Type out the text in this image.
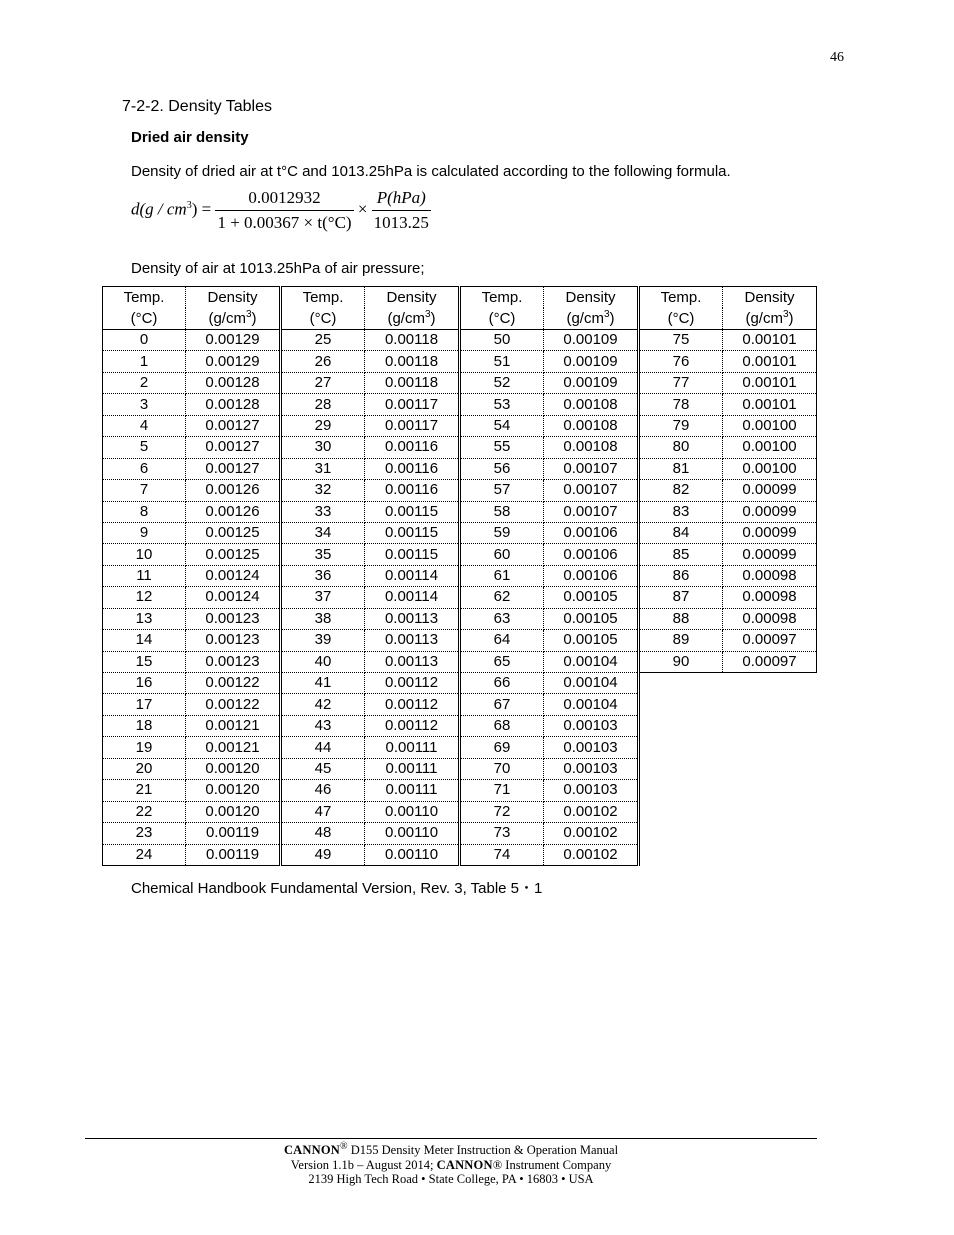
46
7-2-2. Density Tables
Dried air density
Density of dried air at t°C and 1013.25hPa is calculated according to the following formula.
$d(g / cm^3) = \frac{0.0012932}{1 + 0.00367 \times t(^\circ C)} \times \frac{\text{P(hPa)}}{1013.25}$
Density of air at 1013.25hPa of air pressure;
Temp.	Density	Temp.	Density	Temp.	Density	Temp.	Density
(°C)	$(g/cm^3)$	(°C)	$(g/cm^3)$	(°C)	$(g/cm^3)$	(°C)	$(g/cm^3)$
0	0.00129	25	0.00118	50	0.00109	75	0.00101
1	0.00129	26	0.00118	51	0.00109	76	0.00101
2	0.00128	27	0.00118	52	0.00109	77	0.00101
3	0.00128	28	0.00117	53	0.00108	78	0.00101
4	0.00127	29	0.00117	54	0.00108	79	0.00100
5	0.00127	30	0.00116	55	0.00108	80	0.00100
6	0.00127	31	0.00116	56	0.00107	81	0.00100
7	0.00126	32	0.00116	57	0.00107	82	0.00099
8	0.00126	33	0.00115	58	0.00107	83	0.00099
9	0.00125	34	0.00115	59	0.00106	84	0.00099
10	0.00125	35	0.00115	60	0.00106	85	0.00099
11	0.00124	36	0.00114	61	0.00106	86	0.00098
12	0.00124	37	0.00114	62	0.00105	87	0.00098
13	0.00123	38	0.00113	63	0.00105	88	0.00098
14	0.00123	39	0.00113	64	0.00105	89	0.00097
15	0.00123	40	0.00113	65	0.00104	90	0.00097
16	0.00122	41	0.00112	66	0.00104		
17	0.00122	42	0.00112	67	0.00104		
18	0.00121	43	0.00112	68	0.00103		
19	0.00121	44	0.00111	69	0.00103		
20	0.00120	45	0.00111	70	0.00103		
21	0.00120	46	0.00111	71	0.00103		
22	0.00120	47	0.00110	72	0.00102		
23	0.00119	48	0.00110	73	0.00102		
24	0.00119	49	0.00110	74	0.00102		
Chemical Handbook Fundamental Version, Rev. 3, Table 5・1
CANNON® D155 Density Meter Instruction & Operation Manual
Version 1.1b – August 2014; CANNON® Instrument Company
2139 High Tech Road • State College, PA • 16803 • USA
